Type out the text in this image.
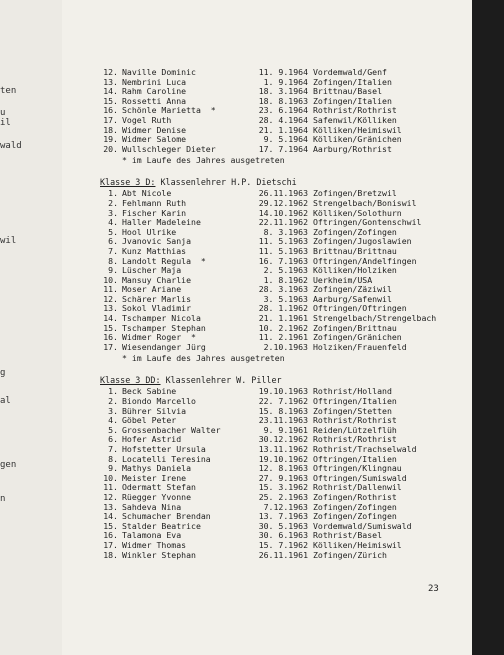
ten
u
il
wald
wil
g
al
gen
n
12. Naville Dominic	11. 9.1964 Vordemwald/Genf
13. Nembrini Luca	1. 9.1964 Zofingen/Italien
14. Rahm Caroline	18. 3.1964 Brittnau/Basel
15. Rossetti Anna	18. 8.1963 Zofingen/Italien
16. Schönle Marietta  *	23. 6.1964 Rothrist/Rothrist
17. Vogel Ruth	28. 4.1964 Safenwil/Kölliken
18. Widmer Denise	21. 1.1964 Kölliken/Heimiswil
19. Widmer Salome	9. 5.1964 Kölliken/Gränichen
20. Wullschleger Dieter	17. 7.1964 Aarburg/Rothrist
* im Laufe des Jahres ausgetreten
Klasse 3 D: Klassenlehrer H.P. Dietschi
1. Abt Nicole	26.11.1963 Zofingen/Bretzwil
2. Fehlmann Ruth	29.12.1962 Strengelbach/Boniswil
3. Fischer Karin	14.10.1962 Kölliken/Solothurn
4. Haller Madeleine	22.11.1962 Oftringen/Gontenschwil
5. Hool Ulrike	8. 3.1963 Zofingen/Zofingen
6. Jvanovic Sanja	11. 5.1963 Zofingen/Jugoslawien
7. Kunz Matthias	11. 5.1963 Brittnau/Brittnau
8. Landolt Regula  *	16. 7.1963 Oftringen/Andelfingen
9. Lüscher Maja	2. 5.1963 Kölliken/Holziken
10. Mansuy Charlie	1. 8.1962 Uerkheim/USA
11. Moser Ariane	28. 3.1963 Zofingen/Zäziwil
12. Schärer Marlis	3. 5.1963 Aarburg/Safenwil
13. Sokol Vladimir	28. 1.1962 Oftringen/Oftringen
14. Tschamper Nicola	21. 1.1961 Strengelbach/Strengelbach
15. Tschamper Stephan	10. 2.1962 Zofingen/Brittnau
16. Widmer Roger  *	11. 2.1961 Zofingen/Gränichen
17. Wiesendanger Jürg	2.10.1963 Holziken/Frauenfeld
* im Laufe des Jahres ausgetreten
Klasse 3 DD: Klassenlehrer W. Piller
1. Beck Sabine	19.10.1963 Rothrist/Holland
2. Biondo Marcello	22. 7.1962 Oftringen/Italien
3. Bührer Silvia	15. 8.1963 Zofingen/Stetten
4. Göbel Peter	23.11.1963 Rothrist/Rothrist
5. Grossenbacher Walter	9. 9.1961 Reiden/Lützelflüh
6. Hofer Astrid	30.12.1962 Rothrist/Rothrist
7. Hofstetter Ursula	13.11.1962 Rothrist/Trachselwald
8. Locatelli Teresina	19.10.1962 Oftringen/Italien
9. Mathys Daniela	12. 8.1963 Oftringen/Klingnau
10. Meister Irene	27. 9.1963 Oftringen/Sumiswald
11. Odermatt Stefan	15. 3.1962 Rothrist/Dallenwil
12. Rüegger Yvonne	25. 2.1963 Zofingen/Rothrist
13. Sahdeva Nina	7.12.1963 Zofingen/Zofingen
14. Schumacher Brendan	13. 7.1963 Zofingen/Zofingen
15. Stalder Beatrice	30. 5.1963 Vordemwald/Sumiswald
16. Talamona Eva	30. 6.1963 Rothrist/Basel
17. Widmer Thomas	15. 7.1962 Kölliken/Heimiswil
18. Winkler Stephan	26.11.1961 Zofingen/Zürich
23
